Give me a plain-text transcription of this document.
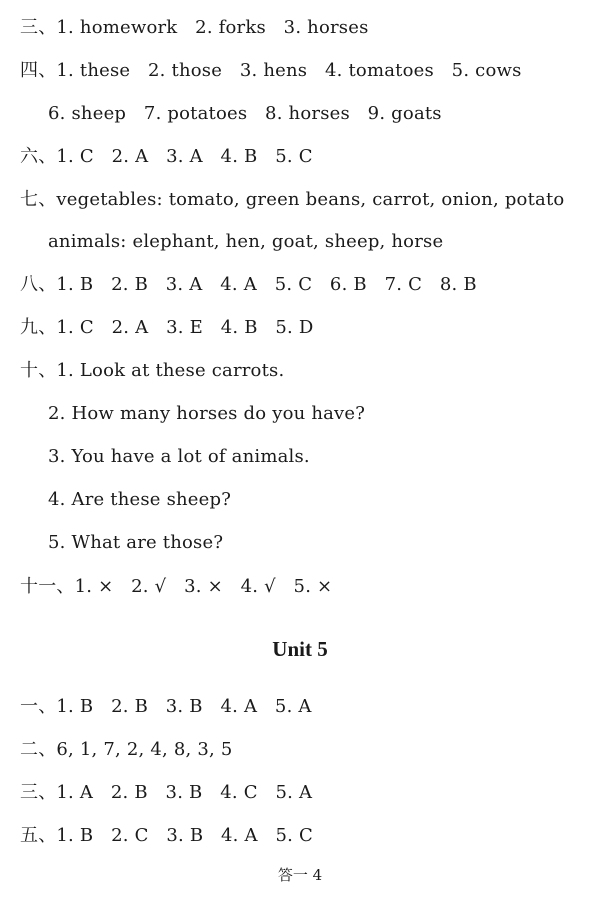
三、1. homework   2. forks   3. horses
四、1. these   2. those   3. hens   4. tomatoes   5. cows
6. sheep   7. potatoes   8. horses   9. goats
六、1. C   2. A   3. A   4. B   5. C
七、vegetables: tomato, green beans, carrot, onion, potato
animals: elephant, hen, goat, sheep, horse
八、1. B   2. B   3. A   4. A   5. C   6. B   7. C   8. B
九、1. C   2. A   3. E   4. B   5. D
十、1. Look at these carrots.
2. How many horses do you have?
3. You have a lot of animals.
4. Are these sheep?
5. What are those?
十一、1. ×   2. √   3. ×   4. √   5. ×
Unit 5
一、1. B   2. B   3. B   4. A   5. A
二、6, 1, 7, 2, 4, 8, 3, 5
三、1. A   2. B   3. B   4. C   5. A
五、1. B   2. C   3. B   4. A   5. C
答一 4
